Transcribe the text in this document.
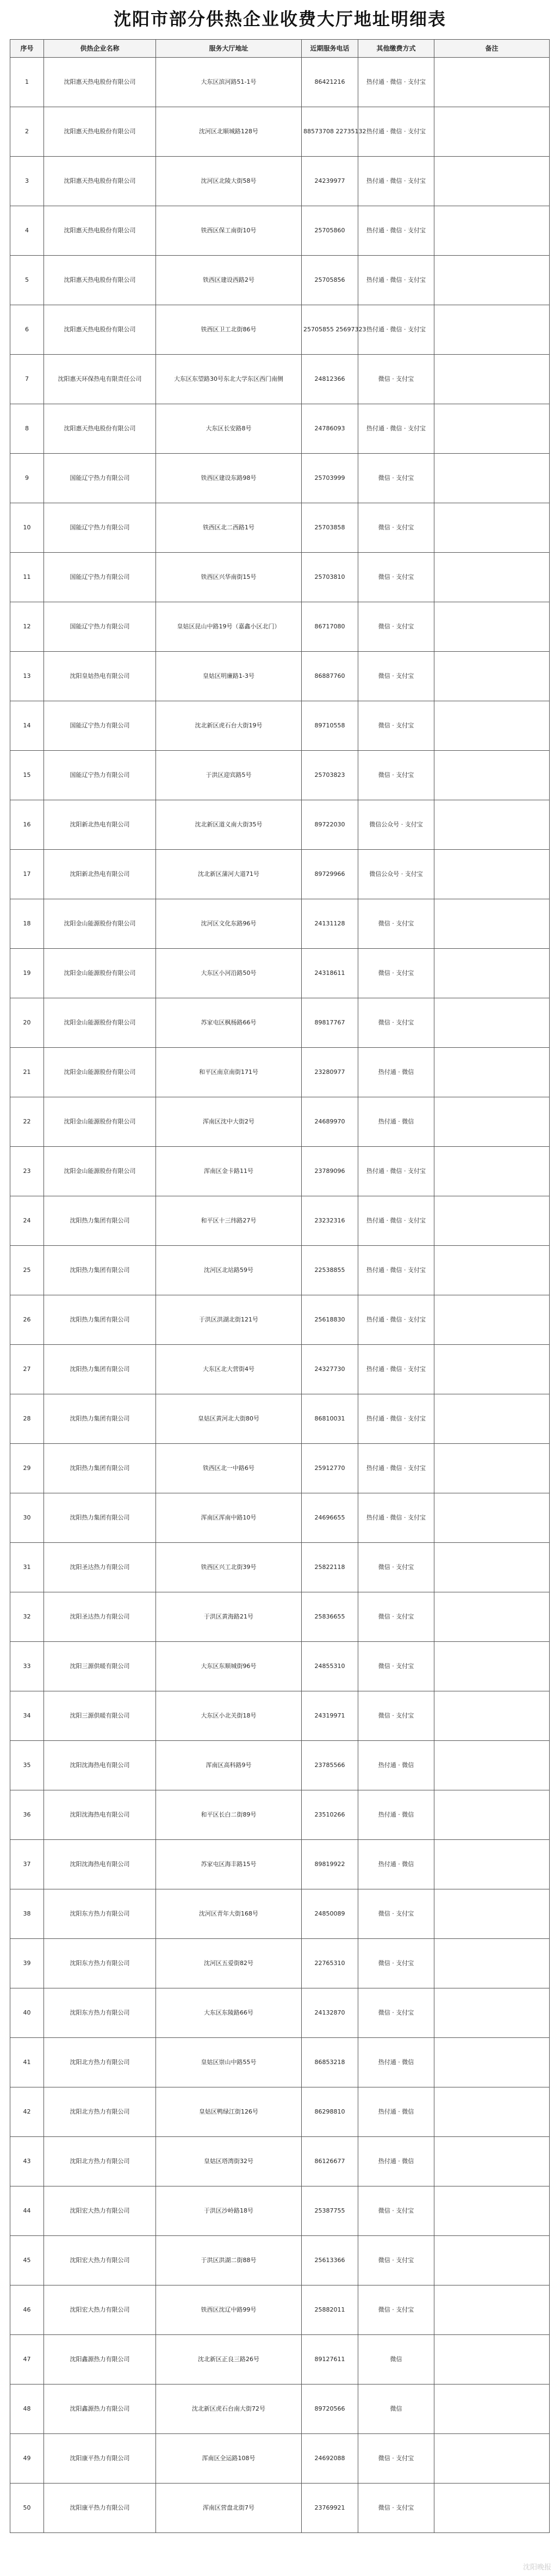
沈阳市部分供热企业收费大厅地址明细表
序号	供热企业名称	服务大厅地址	近期服务电话	其他缴费方式	备注
1	沈阳惠天热电股份有限公司	大东区滨河路51-1号	86421216	热付通 · 微信 · 支付宝	
2	沈阳惠天热电股份有限公司	沈河区北顺城路128号	88573708 22735132	热付通 · 微信 · 支付宝	
3	沈阳惠天热电股份有限公司	沈河区北陵大街58号	24239977	热付通 · 微信 · 支付宝	
4	沈阳惠天热电股份有限公司	铁西区保工南街10号	25705860	热付通 · 微信 · 支付宝	
5	沈阳惠天热电股份有限公司	铁西区建设西路2号	25705856	热付通 · 微信 · 支付宝	
6	沈阳惠天热电股份有限公司	铁西区卫工北街86号	25705855 25697323	热付通 · 微信 · 支付宝	
7	沈阳惠天环保热电有限责任公司	大东区东望路30号东北大学东区西门南侧	24812366	微信 · 支付宝	
8	沈阳惠天热电股份有限公司	大东区长安路8号	24786093	热付通 · 微信 · 支付宝	
9	国能辽宁热力有限公司	铁西区建设东路98号	25703999	微信 · 支付宝	
10	国能辽宁热力有限公司	铁西区北二西路1号	25703858	微信 · 支付宝	
11	国能辽宁热力有限公司	铁西区兴华南街15号	25703810	微信 · 支付宝	
12	国能辽宁热力有限公司	皇姑区昆山中路19号（嘉鑫小区北门）	86717080	微信 · 支付宝	
13	沈阳皇姑热电有限公司	皇姑区明廉路1-3号	86887760	微信 · 支付宝	
14	国能辽宁热力有限公司	沈北新区虎石台大街19号	89710558	微信 · 支付宝	
15	国能辽宁热力有限公司	于洪区迎宾路5号	25703823	微信 · 支付宝	
16	沈阳新北热电有限公司	沈北新区道义南大街35号	89722030	微信公众号 · 支付宝	
17	沈阳新北热电有限公司	沈北新区蒲河大道71号	89729966	微信公众号 · 支付宝	
18	沈阳金山能源股份有限公司	沈河区文化东路96号	24131128	微信 · 支付宝	
19	沈阳金山能源股份有限公司	大东区小河沿路50号	24318611	微信 · 支付宝	
20	沈阳金山能源股份有限公司	苏家屯区枫杨路66号	89817767	微信 · 支付宝	
21	沈阳金山能源股份有限公司	和平区南京南街171号	23280977	热付通 · 微信	
22	沈阳金山能源股份有限公司	浑南区沈中大街2号	24689970	热付通 · 微信	
23	沈阳金山能源股份有限公司	浑南区金卡路11号	23789096	热付通 · 微信 · 支付宝	
24	沈阳热力集团有限公司	和平区十三纬路27号	23232316	热付通 · 微信 · 支付宝	
25	沈阳热力集团有限公司	沈河区北站路59号	22538855	热付通 · 微信 · 支付宝	
26	沈阳热力集团有限公司	于洪区洪湖北街121号	25618830	热付通 · 微信 · 支付宝	
27	沈阳热力集团有限公司	大东区北大营街4号	24327730	热付通 · 微信 · 支付宝	
28	沈阳热力集团有限公司	皇姑区黄河北大街80号	86810031	热付通 · 微信 · 支付宝	
29	沈阳热力集团有限公司	铁西区北一中路6号	25912770	热付通 · 微信 · 支付宝	
30	沈阳热力集团有限公司	浑南区浑南中路10号	24696655	热付通 · 微信 · 支付宝	
31	沈阳圣达热力有限公司	铁西区兴工北街39号	25822118	微信 · 支付宝	
32	沈阳圣达热力有限公司	于洪区黄海路21号	25836655	微信 · 支付宝	
33	沈阳三源供暖有限公司	大东区东顺城街96号	24855310	微信 · 支付宝	
34	沈阳三源供暖有限公司	大东区小北关街18号	24319971	微信 · 支付宝	
35	沈阳沈海热电有限公司	浑南区高科路9号	23785566	热付通 · 微信	
36	沈阳沈海热电有限公司	和平区长白二街89号	23510266	热付通 · 微信	
37	沈阳沈海热电有限公司	苏家屯区海丰路15号	89819922	热付通 · 微信	
38	沈阳东方热力有限公司	沈河区青年大街168号	24850089	微信 · 支付宝	
39	沈阳东方热力有限公司	沈河区五爱街82号	22765310	微信 · 支付宝	
40	沈阳东方热力有限公司	大东区东陵路66号	24132870	微信 · 支付宝	
41	沈阳北方热力有限公司	皇姑区崇山中路55号	86853218	热付通 · 微信	
42	沈阳北方热力有限公司	皇姑区鸭绿江街126号	86298810	热付通 · 微信	
43	沈阳北方热力有限公司	皇姑区塔湾街32号	86126677	热付通 · 微信	
44	沈阳宏大热力有限公司	于洪区沙岭路18号	25387755	微信 · 支付宝	
45	沈阳宏大热力有限公司	于洪区洪湖二街88号	25613366	微信 · 支付宝	
46	沈阳宏大热力有限公司	铁西区沈辽中路99号	25882011	微信 · 支付宝	
47	沈阳鑫源热力有限公司	沈北新区正良三路26号	89127611	微信	
48	沈阳鑫源热力有限公司	沈北新区虎石台南大街72号	89720566	微信	
49	沈阳康平热力有限公司	浑南区全运路108号	24692088	微信 · 支付宝	
50	沈阳康平热力有限公司	浑南区营盘北街7号	23769921	微信 · 支付宝	
沈阳晚报
